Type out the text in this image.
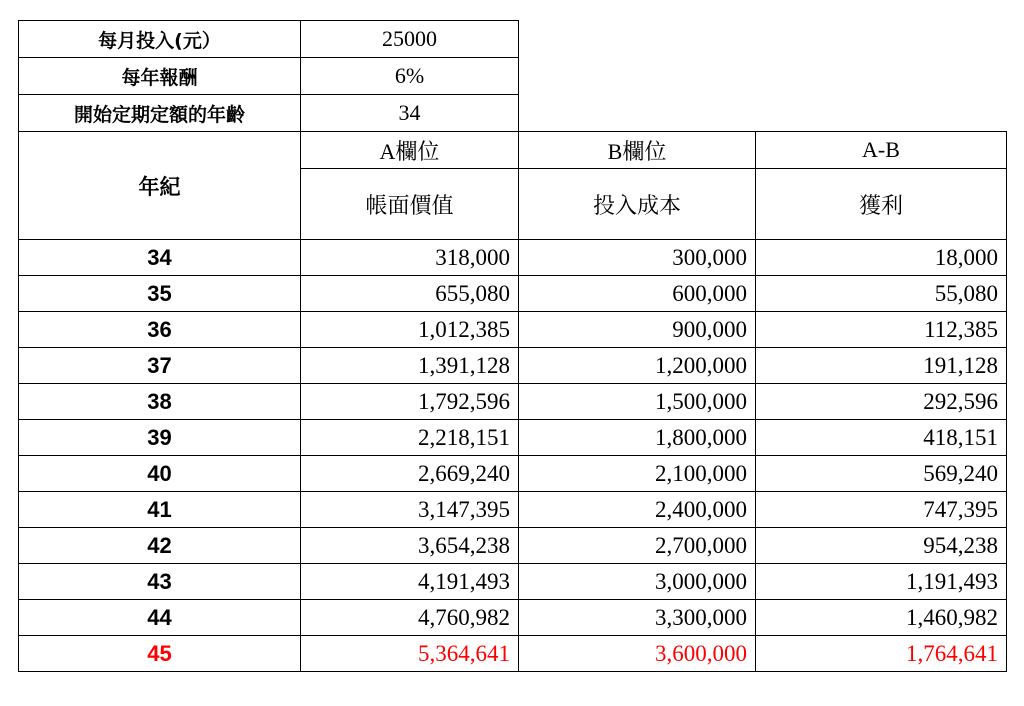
每月投入(元）	25000		
每年報酬	6%		
開始定期定額的年齡	34		
年紀	A欄位	B欄位	A-B
	帳面價值	投入成本	獲利
34	318,000	300,000	18,000
35	655,080	600,000	55,080
36	1,012,385	900,000	112,385
37	1,391,128	1,200,000	191,128
38	1,792,596	1,500,000	292,596
39	2,218,151	1,800,000	418,151
40	2,669,240	2,100,000	569,240
41	3,147,395	2,400,000	747,395
42	3,654,238	2,700,000	954,238
43	4,191,493	3,000,000	1,191,493
44	4,760,982	3,300,000	1,460,982
45	5,364,641	3,600,000	1,764,641
